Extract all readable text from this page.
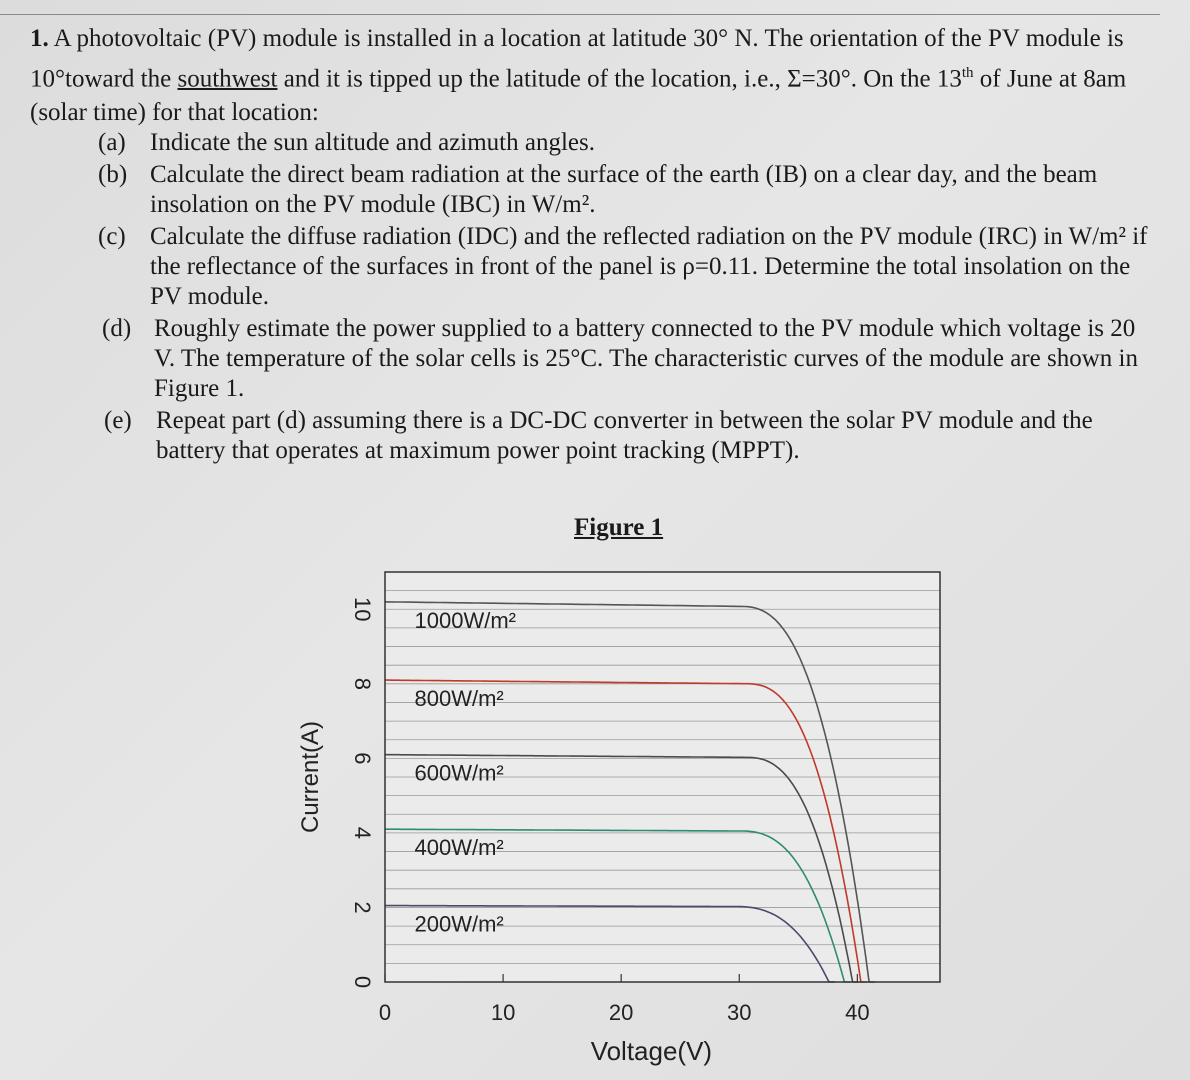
1. A photovoltaic (PV) module is installed in a location at latitude 30° N. The orientation of the PV module is 10°toward the southwest and it is tipped up the latitude of the location, i.e., Σ=30°. On the 13th of June at 8am (solar time) for that location:
(a) Indicate the sun altitude and azimuth angles.
(b) Calculate the direct beam radiation at the surface of the earth (IB) on a clear day, and the beam insolation on the PV module (IBC) in W/m².
(c) Calculate the diffuse radiation (IDC) and the reflected radiation on the PV module (IRC) in W/m² if the reflectance of the surfaces in front of the panel is ρ=0.11. Determine the total insolation on the PV module.
(d) Roughly estimate the power supplied to a battery connected to the PV module which voltage is 20 V. The temperature of the solar cells is 25°C. The characteristic curves of the module are shown in Figure 1.
(e) Repeat part (d) assuming there is a DC-DC converter in between the solar PV module and the battery that operates at maximum power point tracking (MPPT).
Figure 1
0	10	20	30	40
0
2
4
6
8
10 1000W/m²
800W/m²
600W/m²
400W/m²
200W/m²
Current(A)
Voltage(V)
